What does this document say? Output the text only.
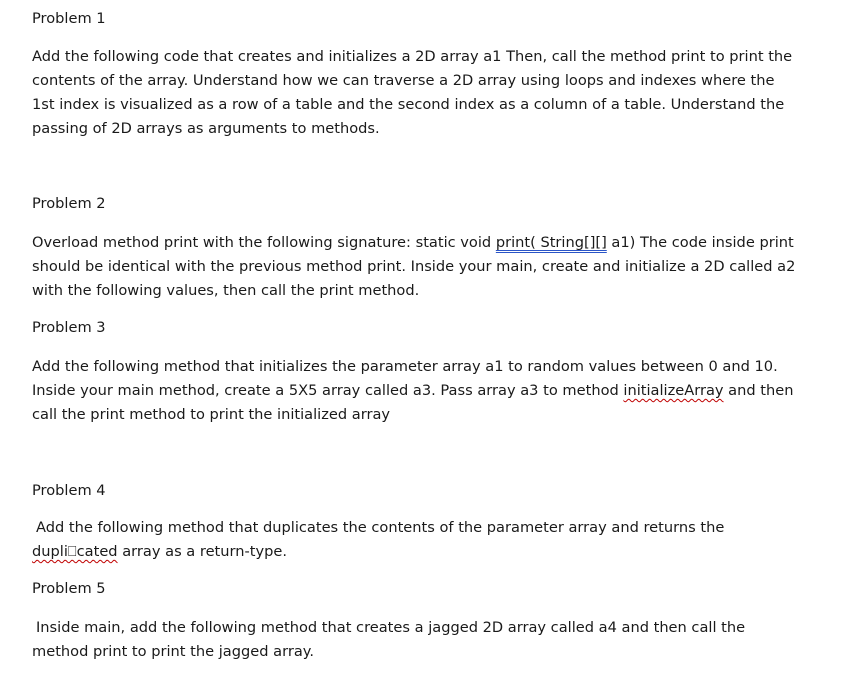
Problem 1
Add the following code that creates and initializes a 2D array a1 Then, call the method print to print the
contents of the array. Understand how we can traverse a 2D array using loops and indexes where the
1st index is visualized as a row of a table and the second index as a column of a table. Understand the
passing of 2D arrays as arguments to methods.
Problem 2
Overload method print with the following signature: static void print( String[][] a1) The code inside print
should be identical with the previous method print. Inside your main, create and initialize a 2D called a2
with the following values, then call the print method.
Problem 3
Add the following method that initializes the parameter array a1 to random values between 0 and 10.
Inside your main method, create a 5X5 array called a3. Pass array a3 to method initializeArray and then
call the print method to print the initialized array
Problem 4
Add the following method that duplicates the contents of the parameter array and returns the
dupli⎕cated array as a return-type.
Problem 5
Inside main, add the following method that creates a jagged 2D array called a4 and then call the
method print to print the jagged array.
